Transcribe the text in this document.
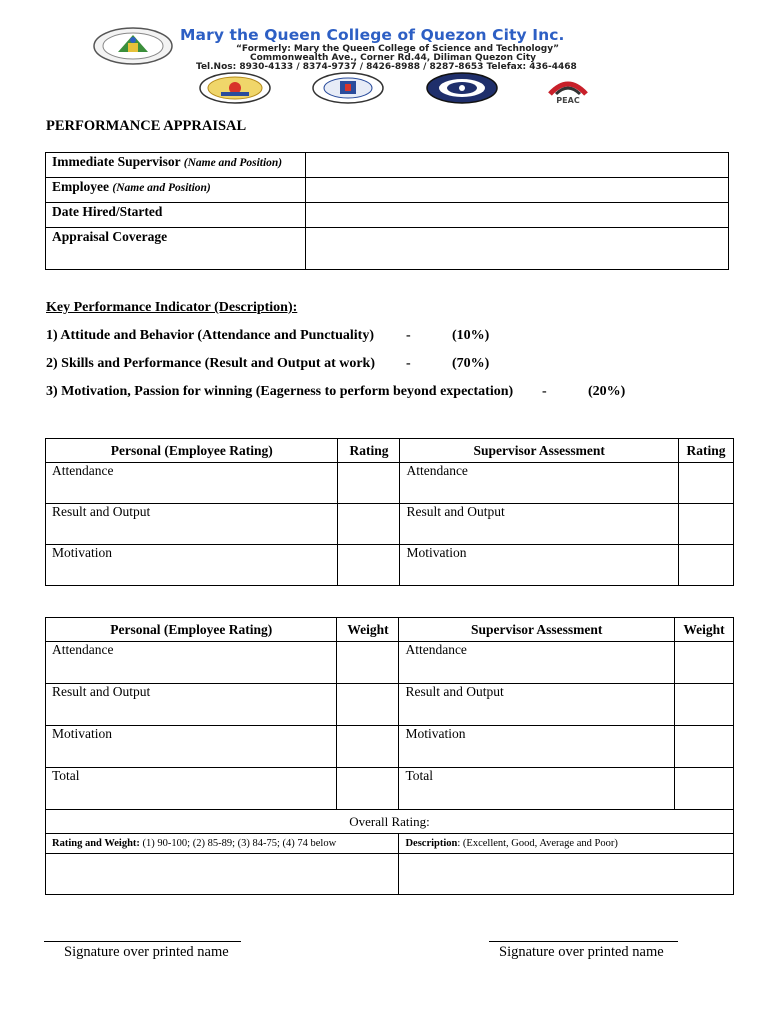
Mary the Queen College of Quezon City Inc.
“Formerly: Mary the Queen College of Science and Technology”
Commonwealth Ave., Corner Rd.44, Diliman Quezon City
Tel.Nos: 8930-4133 / 8374-9737 / 8426-8988 / 8287-8653 Telefax: 436-4468
PEAC
PERFORMANCE APPRAISAL
Immediate Supervisor (Name and Position)	
Employee (Name and Position)	
Date Hired/Started	
Appraisal Coverage	
Key Performance Indicator (Description):
1) Attitude and Behavior (Attendance and Punctuality) -	(10%)
2) Skills and Performance (Result and Output at work) -	(70%)
3) Motivation, Passion for winning (Eagerness to perform beyond expectation) -	(20%)
Personal (Employee Rating)	Rating	Supervisor Assessment	Rating
Attendance		Attendance	
Result and Output		Result and Output	
Motivation		Motivation	
Personal (Employee Rating)	Weight	Supervisor Assessment	Weight
Attendance		Attendance	
Result and Output		Result and Output	
Motivation		Motivation	
Total		Total	
Overall Rating:			
Rating and Weight: (1) 90-100; (2) 85-89; (3) 84-75; (4) 74 below		Description: (Excellent, Good, Average and Poor)	

Signature over printed name	Signature over printed name
